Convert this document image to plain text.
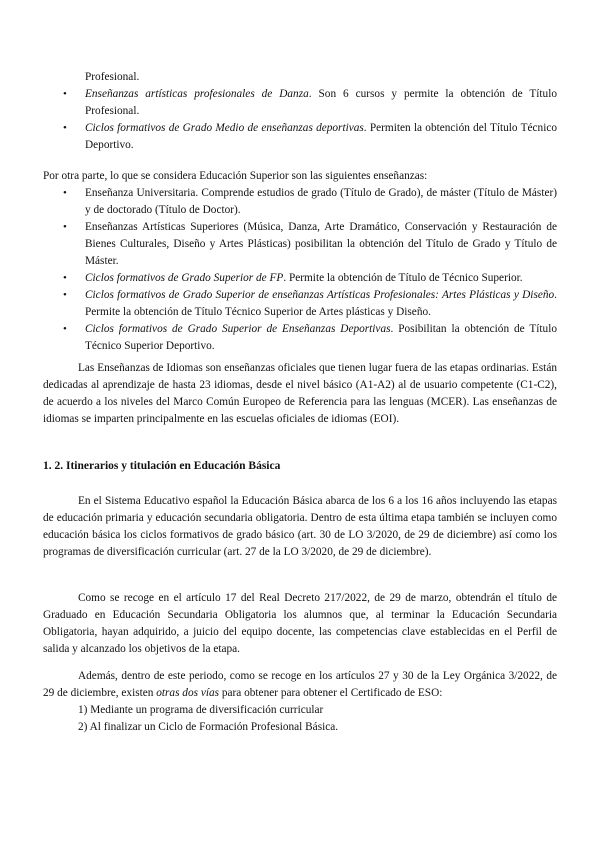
Profesional.
• Enseñanzas artísticas profesionales de Danza. Son 6 cursos y permite la obtención de Título Profesional.
• Ciclos formativos de Grado Medio de enseñanzas deportivas. Permiten la obtención del Título Técnico Deportivo.
Por otra parte, lo que se considera Educación Superior son las siguientes enseñanzas:
• Enseñanza Universitaria. Comprende estudios de grado (Título de Grado), de máster (Título de Máster) y de doctorado (Título de Doctor).
• Enseñanzas Artísticas Superiores (Música, Danza, Arte Dramático, Conservación y Restauración de Bienes Culturales, Diseño y Artes Plásticas) posibilitan la obtención del Título de Grado y Título de Máster.
• Ciclos formativos de Grado Superior de FP. Permite la obtención de Título de Técnico Superior.
• Ciclos formativos de Grado Superior de enseñanzas Artísticas Profesionales: Artes Plásticas y Diseño. Permite la obtención de Título Técnico Superior de Artes plásticas y Diseño.
• Ciclos formativos de Grado Superior de Enseñanzas Deportivas. Posibilitan la obtención de Título Técnico Superior Deportivo.
Las Enseñanzas de Idiomas son enseñanzas oficiales que tienen lugar fuera de las etapas ordinarias. Están dedicadas al aprendizaje de hasta 23 idiomas, desde el nivel básico (A1-A2) al de usuario competente (C1-C2), de acuerdo a los niveles del Marco Común Europeo de Referencia para las lenguas (MCER). Las enseñanzas de idiomas se imparten principalmente en las escuelas oficiales de idiomas (EOI).
1. 2. Itinerarios y titulación en Educación Básica
En el Sistema Educativo español la Educación Básica abarca de los 6 a los 16 años incluyendo las etapas de educación primaria y educación secundaria obligatoria. Dentro de esta última etapa también se incluyen como educación básica los ciclos formativos de grado básico (art. 30 de LO 3/2020, de 29 de diciembre) así como los programas de diversificación curricular (art. 27 de la LO 3/2020, de 29 de diciembre).
Como se recoge en el artículo 17 del Real Decreto 217/2022, de 29 de marzo, obtendrán el título de Graduado en Educación Secundaria Obligatoria los alumnos que, al terminar la Educación Secundaria Obligatoria, hayan adquirido, a juicio del equipo docente, las competencias clave establecidas en el Perfil de salida y alcanzado los objetivos de la etapa.
Además, dentro de este periodo, como se recoge en los artículos 27 y 30 de la Ley Orgánica 3/2022, de 29 de diciembre, existen otras dos vías para obtener para obtener el Certificado de ESO:
1) Mediante un programa de diversificación curricular
2) Al finalizar un Ciclo de Formación Profesional Básica.
